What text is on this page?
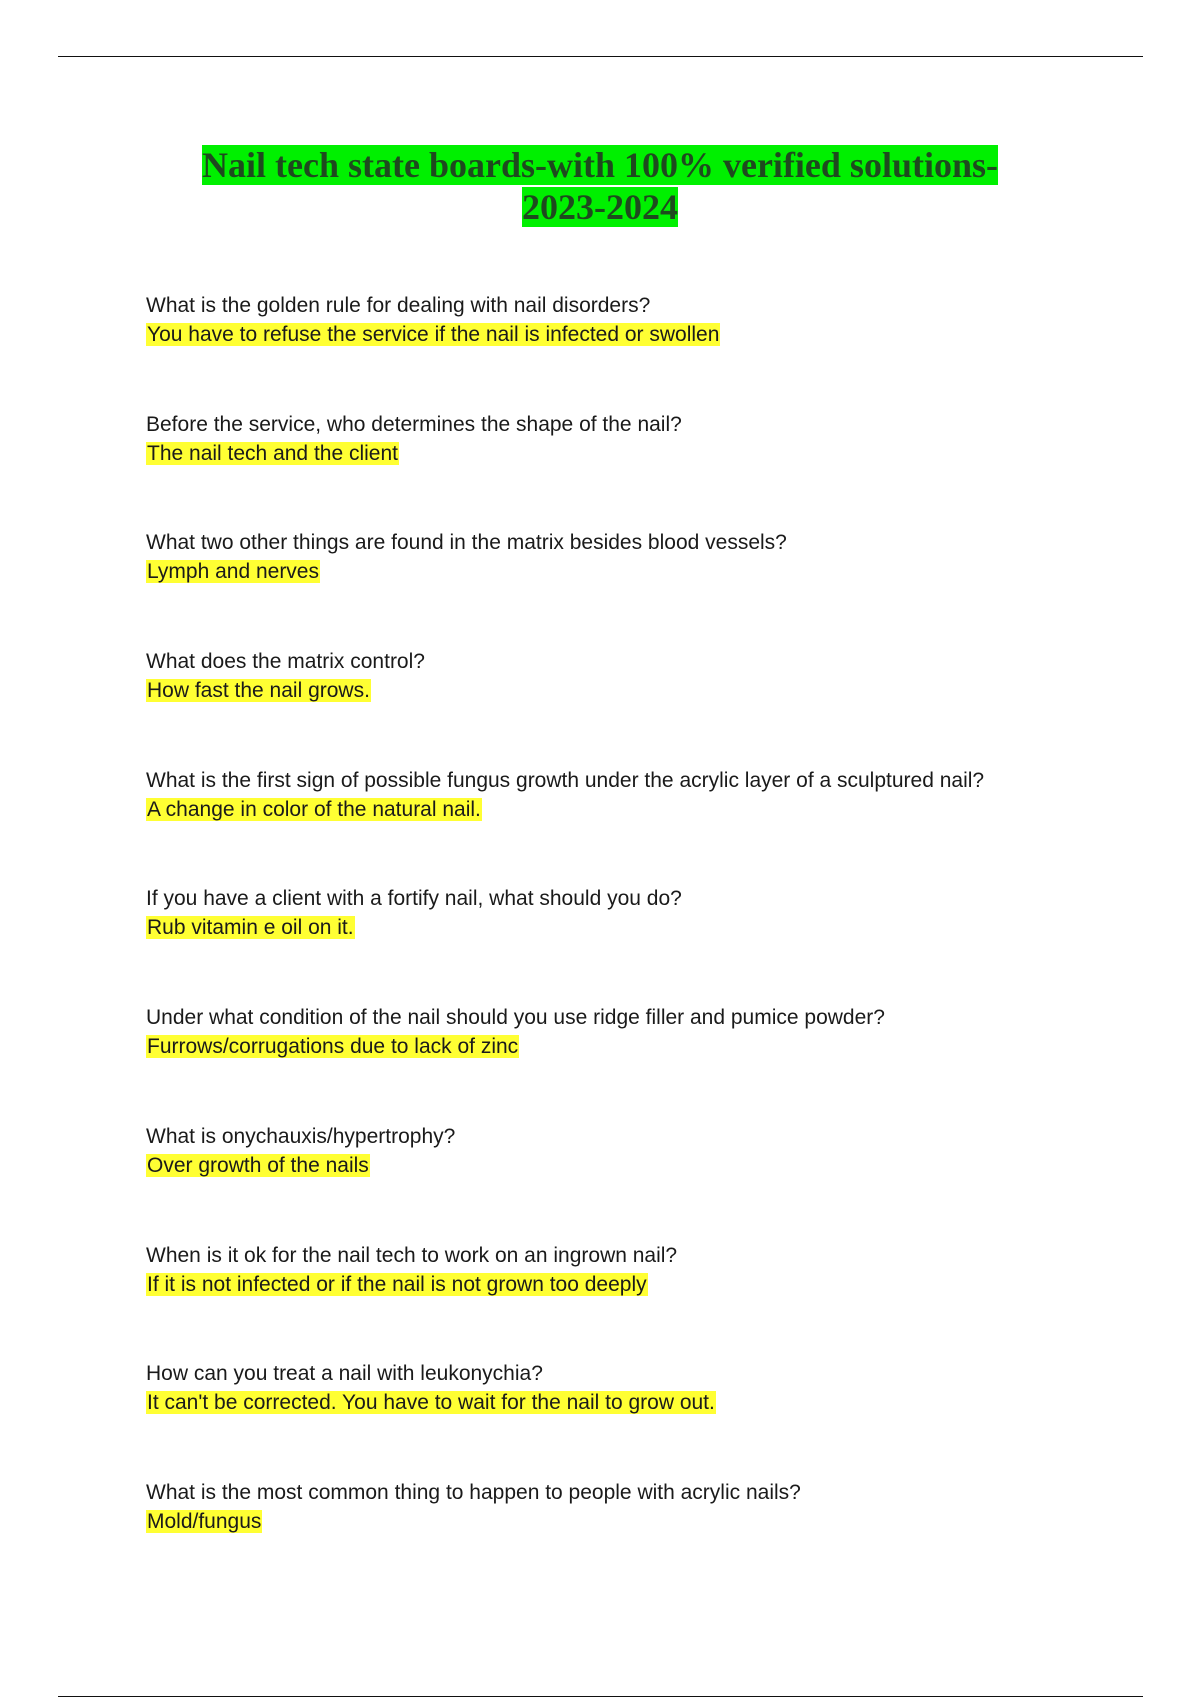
Nail tech state boards-with 100% verified solutions-
2023-2024
What is the golden rule for dealing with nail disorders?
You have to refuse the service if the nail is infected or swollen
Before the service, who determines the shape of the nail?
The nail tech and the client
What two other things are found in the matrix besides blood vessels?
Lymph and nerves
What does the matrix control?
How fast the nail grows.
What is the first sign of possible fungus growth under the acrylic layer of a sculptured nail?
A change in color of the natural nail.
If you have a client with a fortify nail, what should you do?
Rub vitamin e oil on it.
Under what condition of the nail should you use ridge filler and pumice powder?
Furrows/corrugations due to lack of zinc
What is onychauxis/hypertrophy?
Over growth of the nails
When is it ok for the nail tech to work on an ingrown nail?
If it is not infected or if the nail is not grown too deeply
How can you treat a nail with leukonychia?
It can't be corrected. You have to wait for the nail to grow out.
What is the most common thing to happen to people with acrylic nails?
Mold/fungus
